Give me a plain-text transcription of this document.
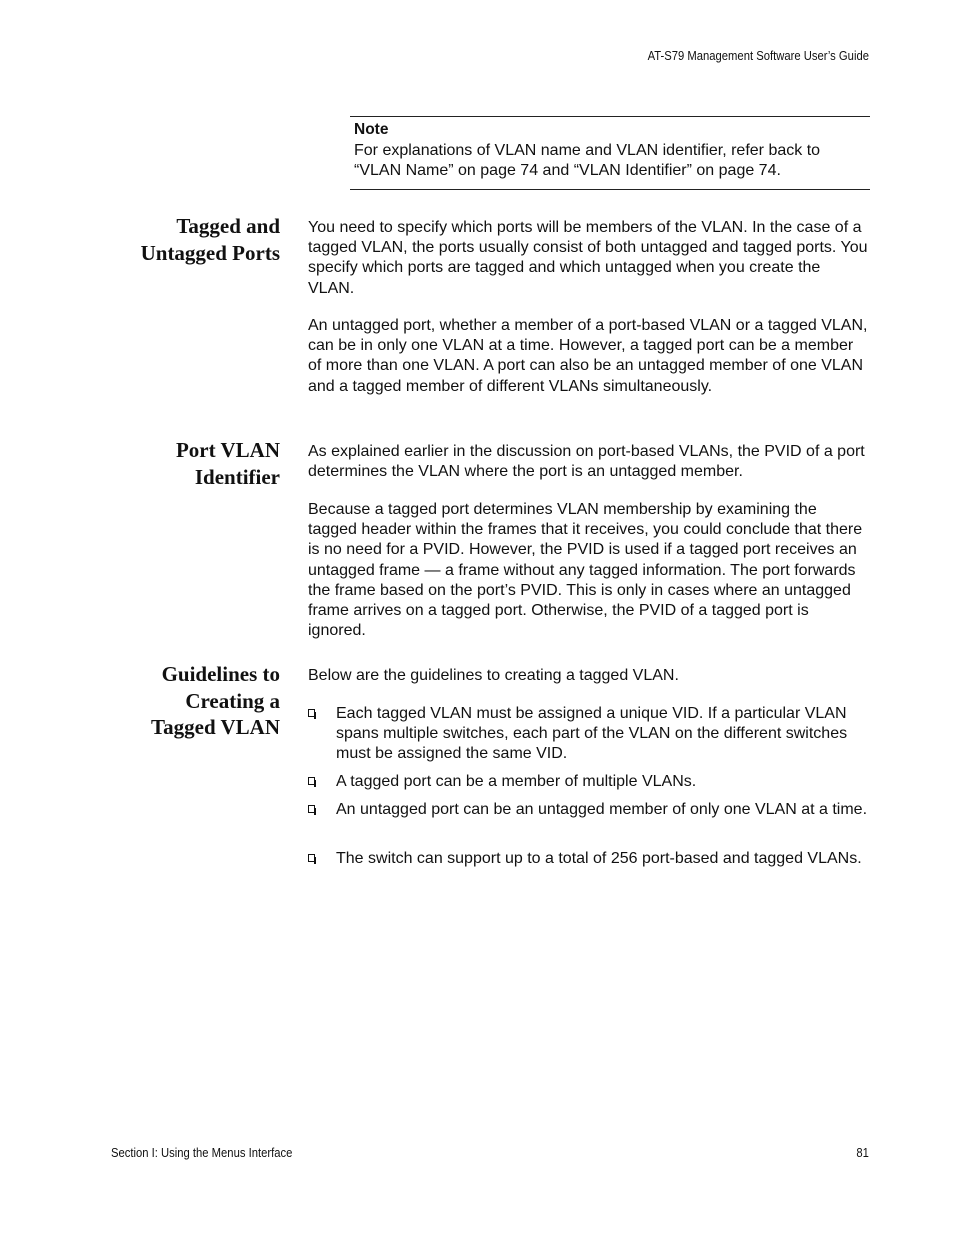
AT-S79 Management Software User’s Guide
Note
For explanations of VLAN name and VLAN identifier, refer back to “VLAN Name” on page 74 and “VLAN Identifier” on page 74.
Tagged and
Untagged Ports
You need to specify which ports will be members of the VLAN. In the case of a tagged VLAN, the ports usually consist of both untagged and tagged ports. You specify which ports are tagged and which untagged when you create the VLAN.
An untagged port, whether a member of a port-based VLAN or a tagged VLAN, can be in only one VLAN at a time. However, a tagged port can be a member of more than one VLAN. A port can also be an untagged member of one VLAN and a tagged member of different VLANs simultaneously.
Port VLAN
Identifier
As explained earlier in the discussion on port-based VLANs, the PVID of a port determines the VLAN where the port is an untagged member.
Because a tagged port determines VLAN membership by examining the tagged header within the frames that it receives, you could conclude that there is no need for a PVID. However, the PVID is used if a tagged port receives an untagged frame — a frame without any tagged information. The port forwards the frame based on the port’s PVID. This is only in cases where an untagged frame arrives on a tagged port. Otherwise, the PVID of a tagged port is ignored.
Guidelines to
Creating a
Tagged VLAN
Below are the guidelines to creating a tagged VLAN.
Each tagged VLAN must be assigned a unique VID. If a particular VLAN spans multiple switches, each part of the VLAN on the different switches must be assigned the same VID.
A tagged port can be a member of multiple VLANs.
An untagged port can be an untagged member of only one VLAN at a time.
The switch can support up to a total of 256 port-based and tagged VLANs.
Section I: Using the Menus Interface	81
